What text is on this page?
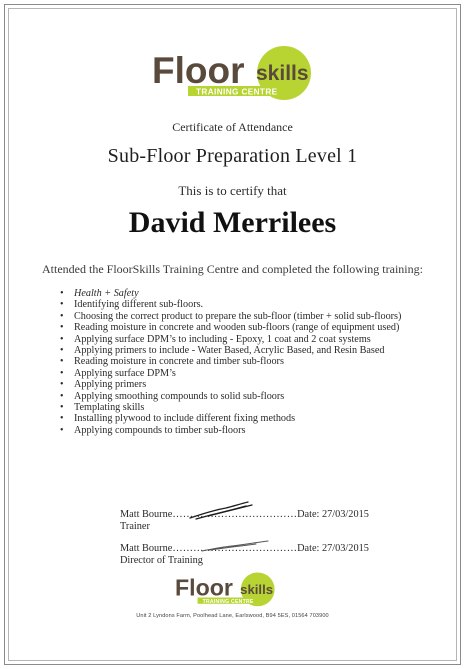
Floor skills
TRAINING CENTRE
Certificate of Attendance
Sub-Floor Preparation Level 1
This is to certify that
David Merrilees
Attended the FloorSkills Training Centre and completed the following training:
• Health + Safety
• Identifying different sub-floors.
• Choosing the correct product to prepare the sub-floor (timber + solid sub-floors)
• Reading moisture in concrete and wooden sub-floors (range of equipment used)
• Applying surface DPM’s to including - Epoxy, 1 coat and 2 coat systems
• Applying primers to include - Water Based, Acrylic Based, and Resin Based
• Reading moisture in concrete and timber sub-floors
• Applying surface DPM’s
• Applying primers
• Applying smoothing compounds to solid sub-floors
• Templating skills
• Installing plywood to include different fixing methods
• Applying compounds to timber sub-floors
Matt Bourne………………………………Date: 27/03/2015
Trainer
Matt Bourne………………………………Date: 27/03/2015
Director of Training
Floor skills
TRAINING CENTRE
Unit 2 Lyndons Farm, Poolhead Lane, Earlswood, B94 5ES, 01564 703900
